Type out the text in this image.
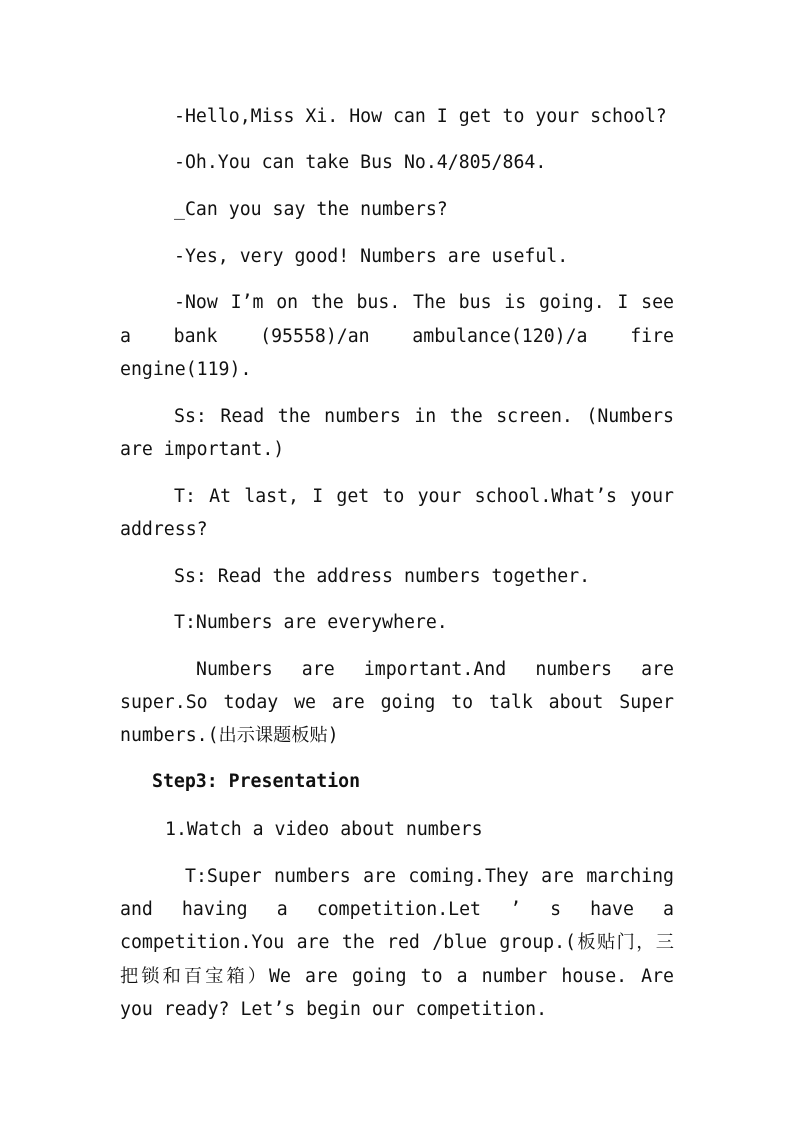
-Hello,Miss Xi. How can I get to your school?
-Oh.You can take Bus No.4/805/864.
_Can you say the numbers?
-Yes, very good! Numbers are useful.
-Now I’m on the bus. The bus is going. I see
a bank (95558)/an ambulance(120)/a fire
engine(119).
Ss: Read the numbers in the screen. (Numbers
are important.)
T: At last, I get to your school.What’s your
address?
Ss: Read the address numbers together.
T:Numbers are everywhere.
Numbers are important.And numbers are
super.So today we are going to talk about Super
numbers.(出示课题板贴)
Step3: Presentation
1.Watch a video about numbers
T:Super numbers are coming.They are marching
and having a competition.Let ’ s have a
competition.You are the red /blue group.(板贴门，三
把锁和百宝箱）We are going to a number house. Are
you ready? Let’s begin our competition.
